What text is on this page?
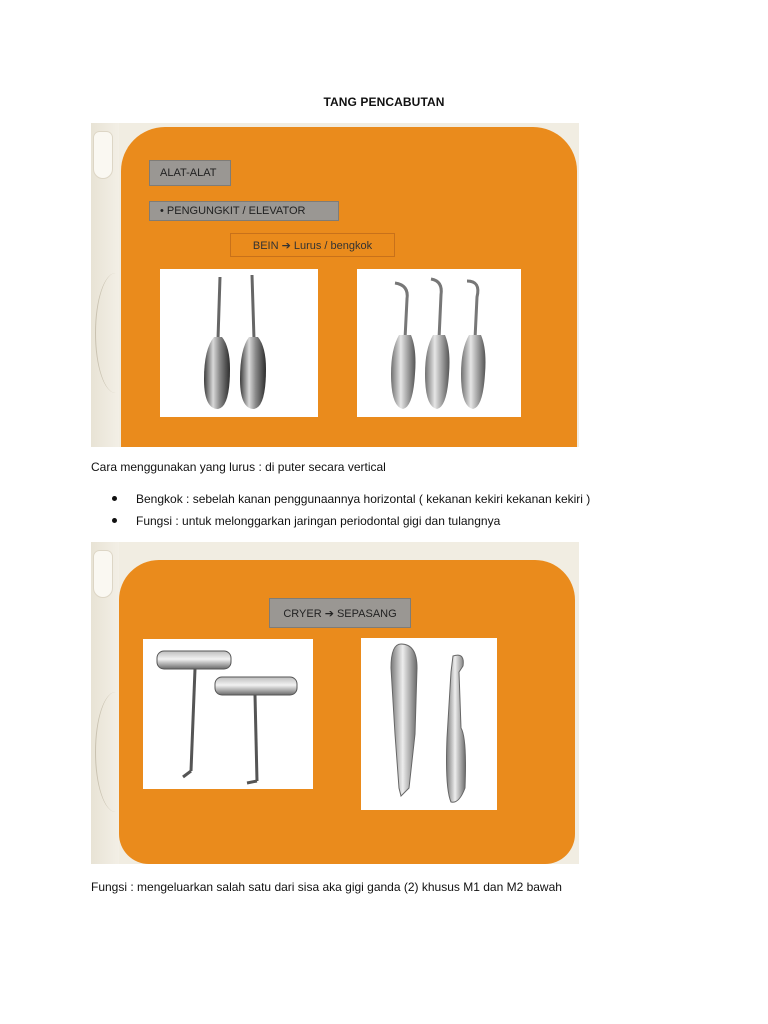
TANG PENCABUTAN
ALAT-ALAT
• PENGUNGKIT / ELEVATOR
BEIN ➔ Lurus / bengkok
Cara menggunakan yang lurus : di puter secara vertical
Bengkok : sebelah kanan penggunaannya horizontal ( kekanan kekiri kekanan kekiri )
Fungsi : untuk melonggarkan jaringan periodontal gigi dan tulangnya
CRYER ➔ SEPASANG
Fungsi : mengeluarkan salah satu dari sisa aka gigi ganda (2) khusus M1 dan M2 bawah
